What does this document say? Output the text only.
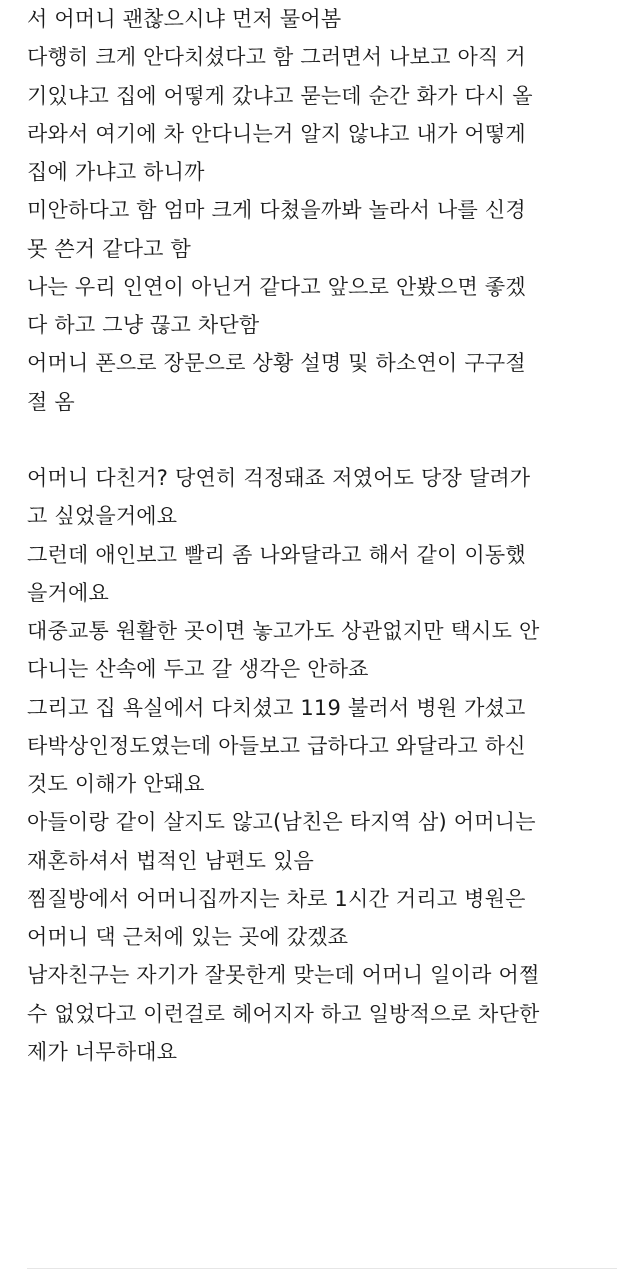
서 어머니 괜찮으시냐 먼저 물어봄
다행히 크게 안다치셨다고 함 그러면서 나보고 아직 거
기있냐고 집에 어떻게 갔냐고 묻는데 순간 화가 다시 올
라와서 여기에 차 안다니는거 알지 않냐고 내가 어떻게
집에 가냐고 하니까
미안하다고 함 엄마 크게 다쳤을까봐 놀라서 나를 신경
못 쓴거 같다고 함
나는 우리 인연이 아닌거 같다고 앞으로 안봤으면 좋겠
다 하고 그냥 끊고 차단함
어머니 폰으로 장문으로 상황 설명 및 하소연이 구구절
절 옴
어머니 다친거? 당연히 걱정돼죠 저였어도 당장 달려가
고 싶었을거에요
그런데 애인보고 빨리 좀 나와달라고 해서 같이 이동했
을거에요
대중교통 원활한 곳이면 놓고가도 상관없지만 택시도 안
다니는 산속에 두고 갈 생각은 안하죠
그리고 집 욕실에서 다치셨고 119 불러서 병원 가셨고
타박상인정도였는데 아들보고 급하다고 와달라고 하신
것도 이해가 안돼요
아들이랑 같이 살지도 않고(남친은 타지역 삼) 어머니는
재혼하셔서 법적인 남편도 있음
찜질방에서 어머니집까지는 차로 1시간 거리고 병원은
어머니 댁 근처에 있는 곳에 갔겠죠
남자친구는 자기가 잘못한게 맞는데 어머니 일이라 어쩔
수 없었다고 이런걸로 헤어지자 하고 일방적으로 차단한
제가 너무하대요
